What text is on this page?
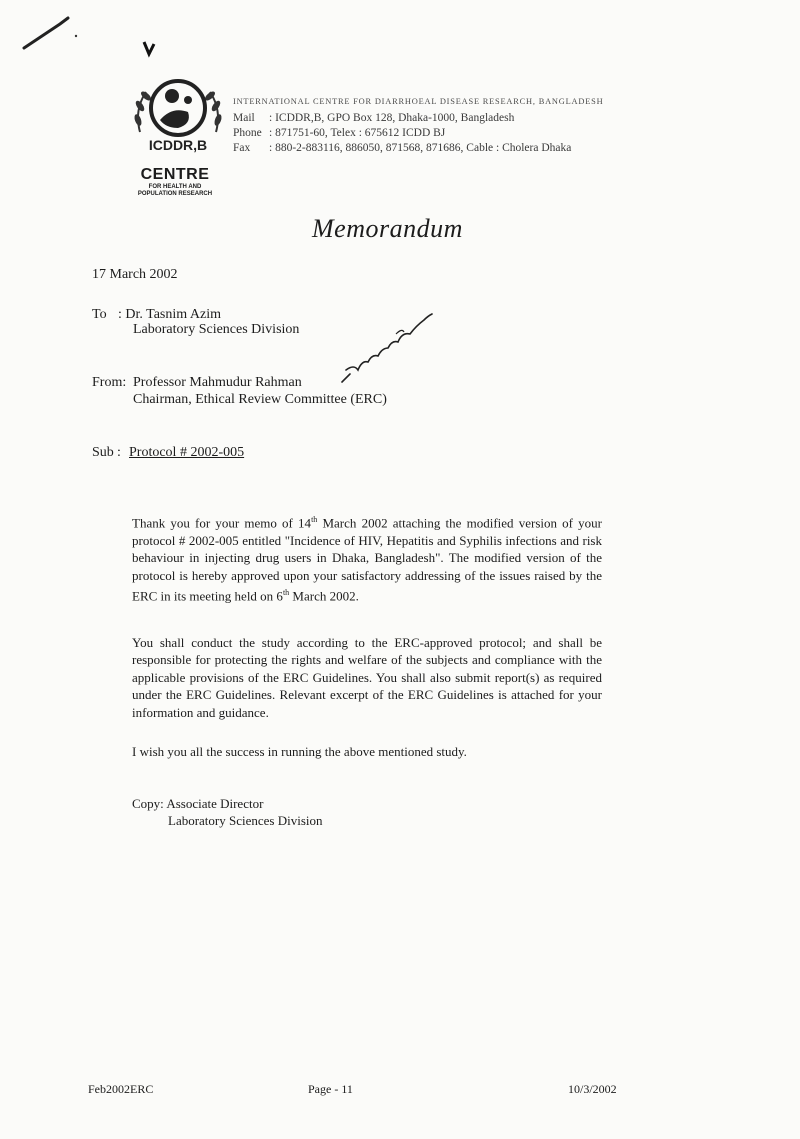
ICDDR,B
CENTRE
FOR HEALTH AND
POPULATION RESEARCH
INTERNATIONAL CENTRE FOR DIARRHOEAL DISEASE RESEARCH, BANGLADESH
Mail : ICDDR,B, GPO Box 128, Dhaka-1000, Bangladesh
Phone : 871751-60, Telex : 675612 ICDD BJ
Fax : 880-2-883116, 886050, 871568, 871686, Cable : Cholera Dhaka
Memorandum
17 March 2002
To : Dr. Tasnim Azim
Laboratory Sciences Division
From: Professor Mahmudur Rahman
Chairman, Ethical Review Committee (ERC)
Sub : Protocol # 2002-005

Thank you for your memo of 14th March 2002 attaching the modified version of your protocol # 2002-005 entitled "Incidence of HIV, Hepatitis and Syphilis infections and risk behaviour in injecting drug users in Dhaka, Bangladesh". The modified version of the protocol is hereby approved upon your satisfactory addressing of the issues raised by the ERC in its meeting held on 6th March 2002.

You shall conduct the study according to the ERC-approved protocol; and shall be responsible for protecting the rights and welfare of the subjects and compliance with the applicable provisions of the ERC Guidelines. You shall also submit report(s) as required under the ERC Guidelines. Relevant excerpt of the ERC Guidelines is attached for your information and guidance.

I wish you all the success in running the above mentioned study.

Copy: Associate Director
Laboratory Sciences Division
Feb2002ERC	Page - 11	10/3/2002
